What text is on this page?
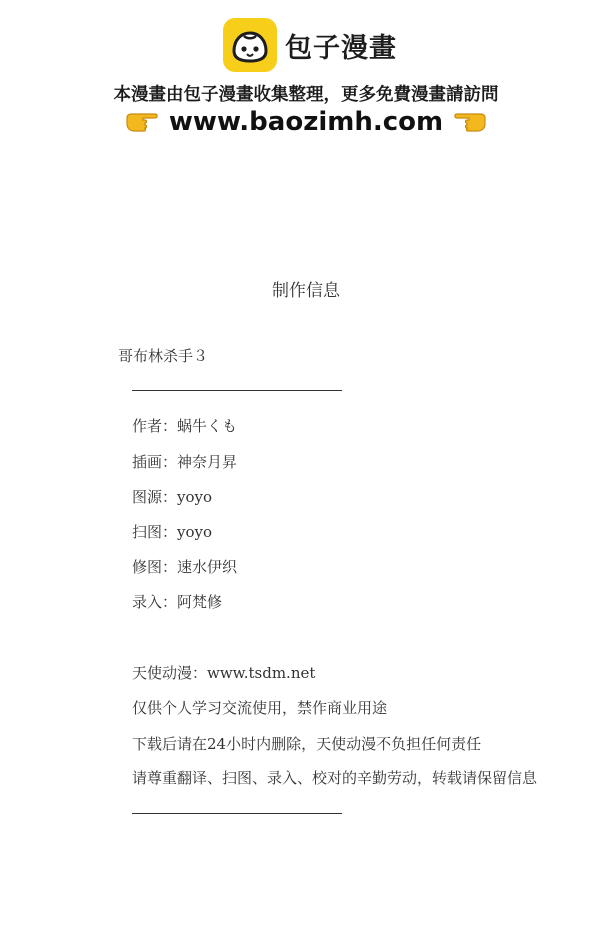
包子漫畫
本漫畫由包子漫畫收集整理，更多免費漫畫請訪問
www.baozimh.com
制作信息
哥布林杀手３
作者：蜗牛くも
插画：神奈月昇
图源：yoyo
扫图：yoyo
修图：速水伊织
录入：阿梵修
天使动漫：www.tsdm.net
仅供个人学习交流使用，禁作商业用途
下载后请在24小时内删除，天使动漫不负担任何责任
请尊重翻译、扫图、录入、校对的辛勤劳动，转载请保留信息
